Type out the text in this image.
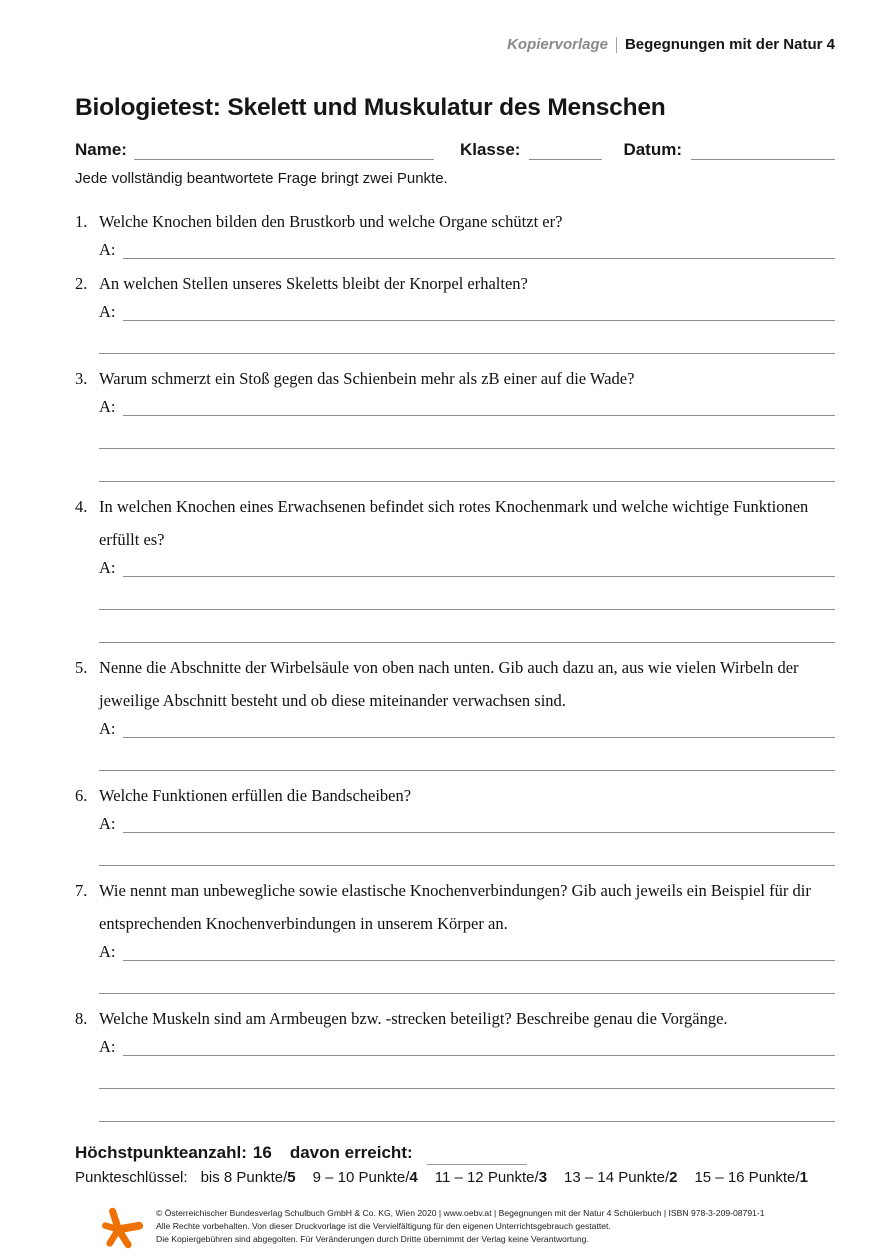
Kopiervorlage Begegnungen mit der Natur 4
Biologietest: Skelett und Muskulatur des Menschen
Name:	Klasse:	Datum:
Jede vollständig beantwortete Frage bringt zwei Punkte.
1. Welche Knochen bilden den Brustkorb und welche Organe schützt er?
A:
2. An welchen Stellen unseres Skeletts bleibt der Knorpel erhalten?
A:
3. Warum schmerzt ein Stoß gegen das Schienbein mehr als zB einer auf die Wade?
A:
4. In welchen Knochen eines Erwachsenen befindet sich rotes Knochenmark und welche wichtige Funktionen erfüllt es?
A:
5. Nenne die Abschnitte der Wirbelsäule von oben nach unten. Gib auch dazu an, aus wie vielen Wirbeln der jeweilige Abschnitt besteht und ob diese miteinander verwachsen sind.
A:
6. Welche Funktionen erfüllen die Bandscheiben?
A:
7. Wie nennt man unbewegliche sowie elastische Knochenverbindungen? Gib auch jeweils ein Beispiel für dir entsprechenden Knochenverbindungen in unserem Körper an.
A:
8. Welche Muskeln sind am Armbeugen bzw. -strecken beteiligt? Beschreibe genau die Vorgänge.
A:
Höchstpunkteanzahl: 16 davon erreicht:
Punkteschlüssel: bis 8 Punkte/5 9 – 10 Punkte/4 11 – 12 Punkte/3 13 – 14 Punkte/2 15 – 16 Punkte/1
© Österreichischer Bundesverlag Schulbuch GmbH & Co. KG, Wien 2020 | www.oebv.at | Begegnungen mit der Natur 4 Schülerbuch | ISBN 978-3-209-08791-1
Alle Rechte vorbehalten. Von dieser Druckvorlage ist die Vervielfältigung für den eigenen Unterrichtsgebrauch gestattet.
Die Kopiergebühren sind abgegolten. Für Veränderungen durch Dritte übernimmt der Verlag keine Verantwortung.
